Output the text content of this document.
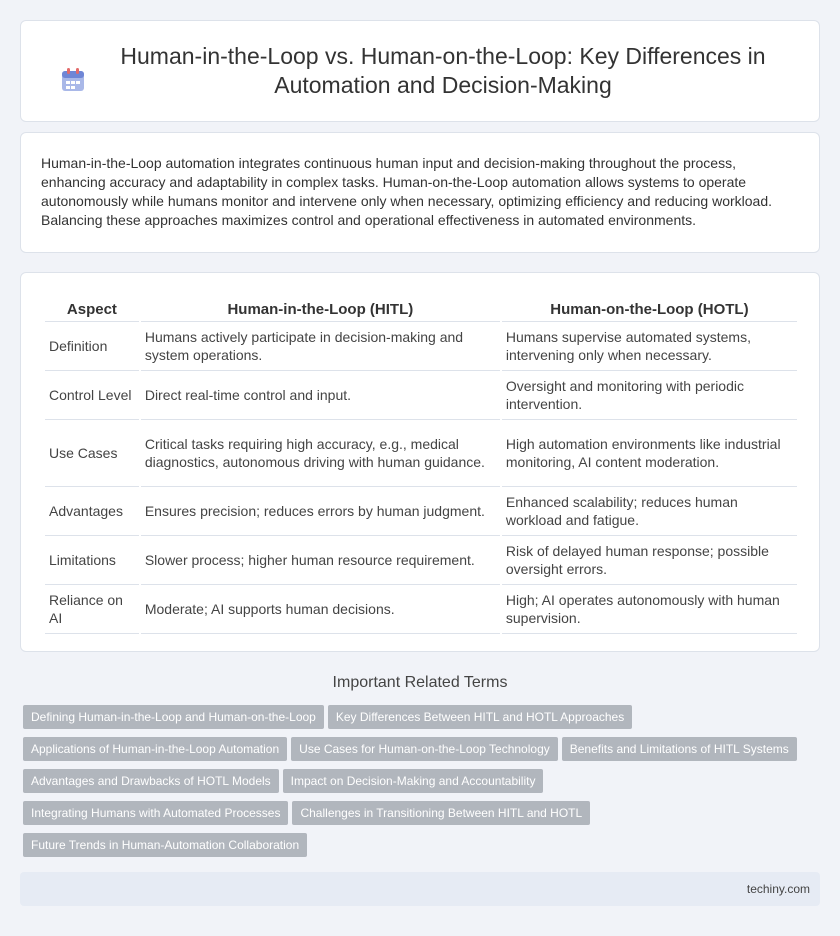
Human-in-the-Loop vs. Human-on-the-Loop: Key Differences in Automation and Decision-Making

Human-in-the-Loop automation integrates continuous human input and decision-making throughout the process, enhancing accuracy and adaptability in complex tasks. Human-on-the-Loop automation allows systems to operate autonomously while humans monitor and intervene only when necessary, optimizing efficiency and reducing workload. Balancing these approaches maximizes control and operational effectiveness in automated environments.

Aspect	Human-in-the-Loop (HITL)	Human-on-the-Loop (HOTL)
Definition	Humans actively participate in decision-making and system operations.	Humans supervise automated systems, intervening only when necessary.
Control Level	Direct real-time control and input.	Oversight and monitoring with periodic intervention.
Use Cases	Critical tasks requiring high accuracy, e.g., medical diagnostics, autonomous driving with human guidance.	High automation environments like industrial monitoring, AI content moderation.
Advantages	Ensures precision; reduces errors by human judgment.	Enhanced scalability; reduces human workload and fatigue.
Limitations	Slower process; higher human resource requirement.	Risk of delayed human response; possible oversight errors.
Reliance on AI	Moderate; AI supports human decisions.	High; AI operates autonomously with human supervision.
Important Related Terms
Defining Human-in-the-Loop and Human-on-the-Loop Key Differences Between HITL and HOTL Approaches
Applications of Human-in-the-Loop Automation Use Cases for Human-on-the-Loop Technology Benefits and Limitations of HITL Systems
Advantages and Drawbacks of HOTL Models Impact on Decision-Making and Accountability
Integrating Humans with Automated Processes Challenges in Transitioning Between HITL and HOTL
Future Trends in Human-Automation Collaboration
techiny.com
